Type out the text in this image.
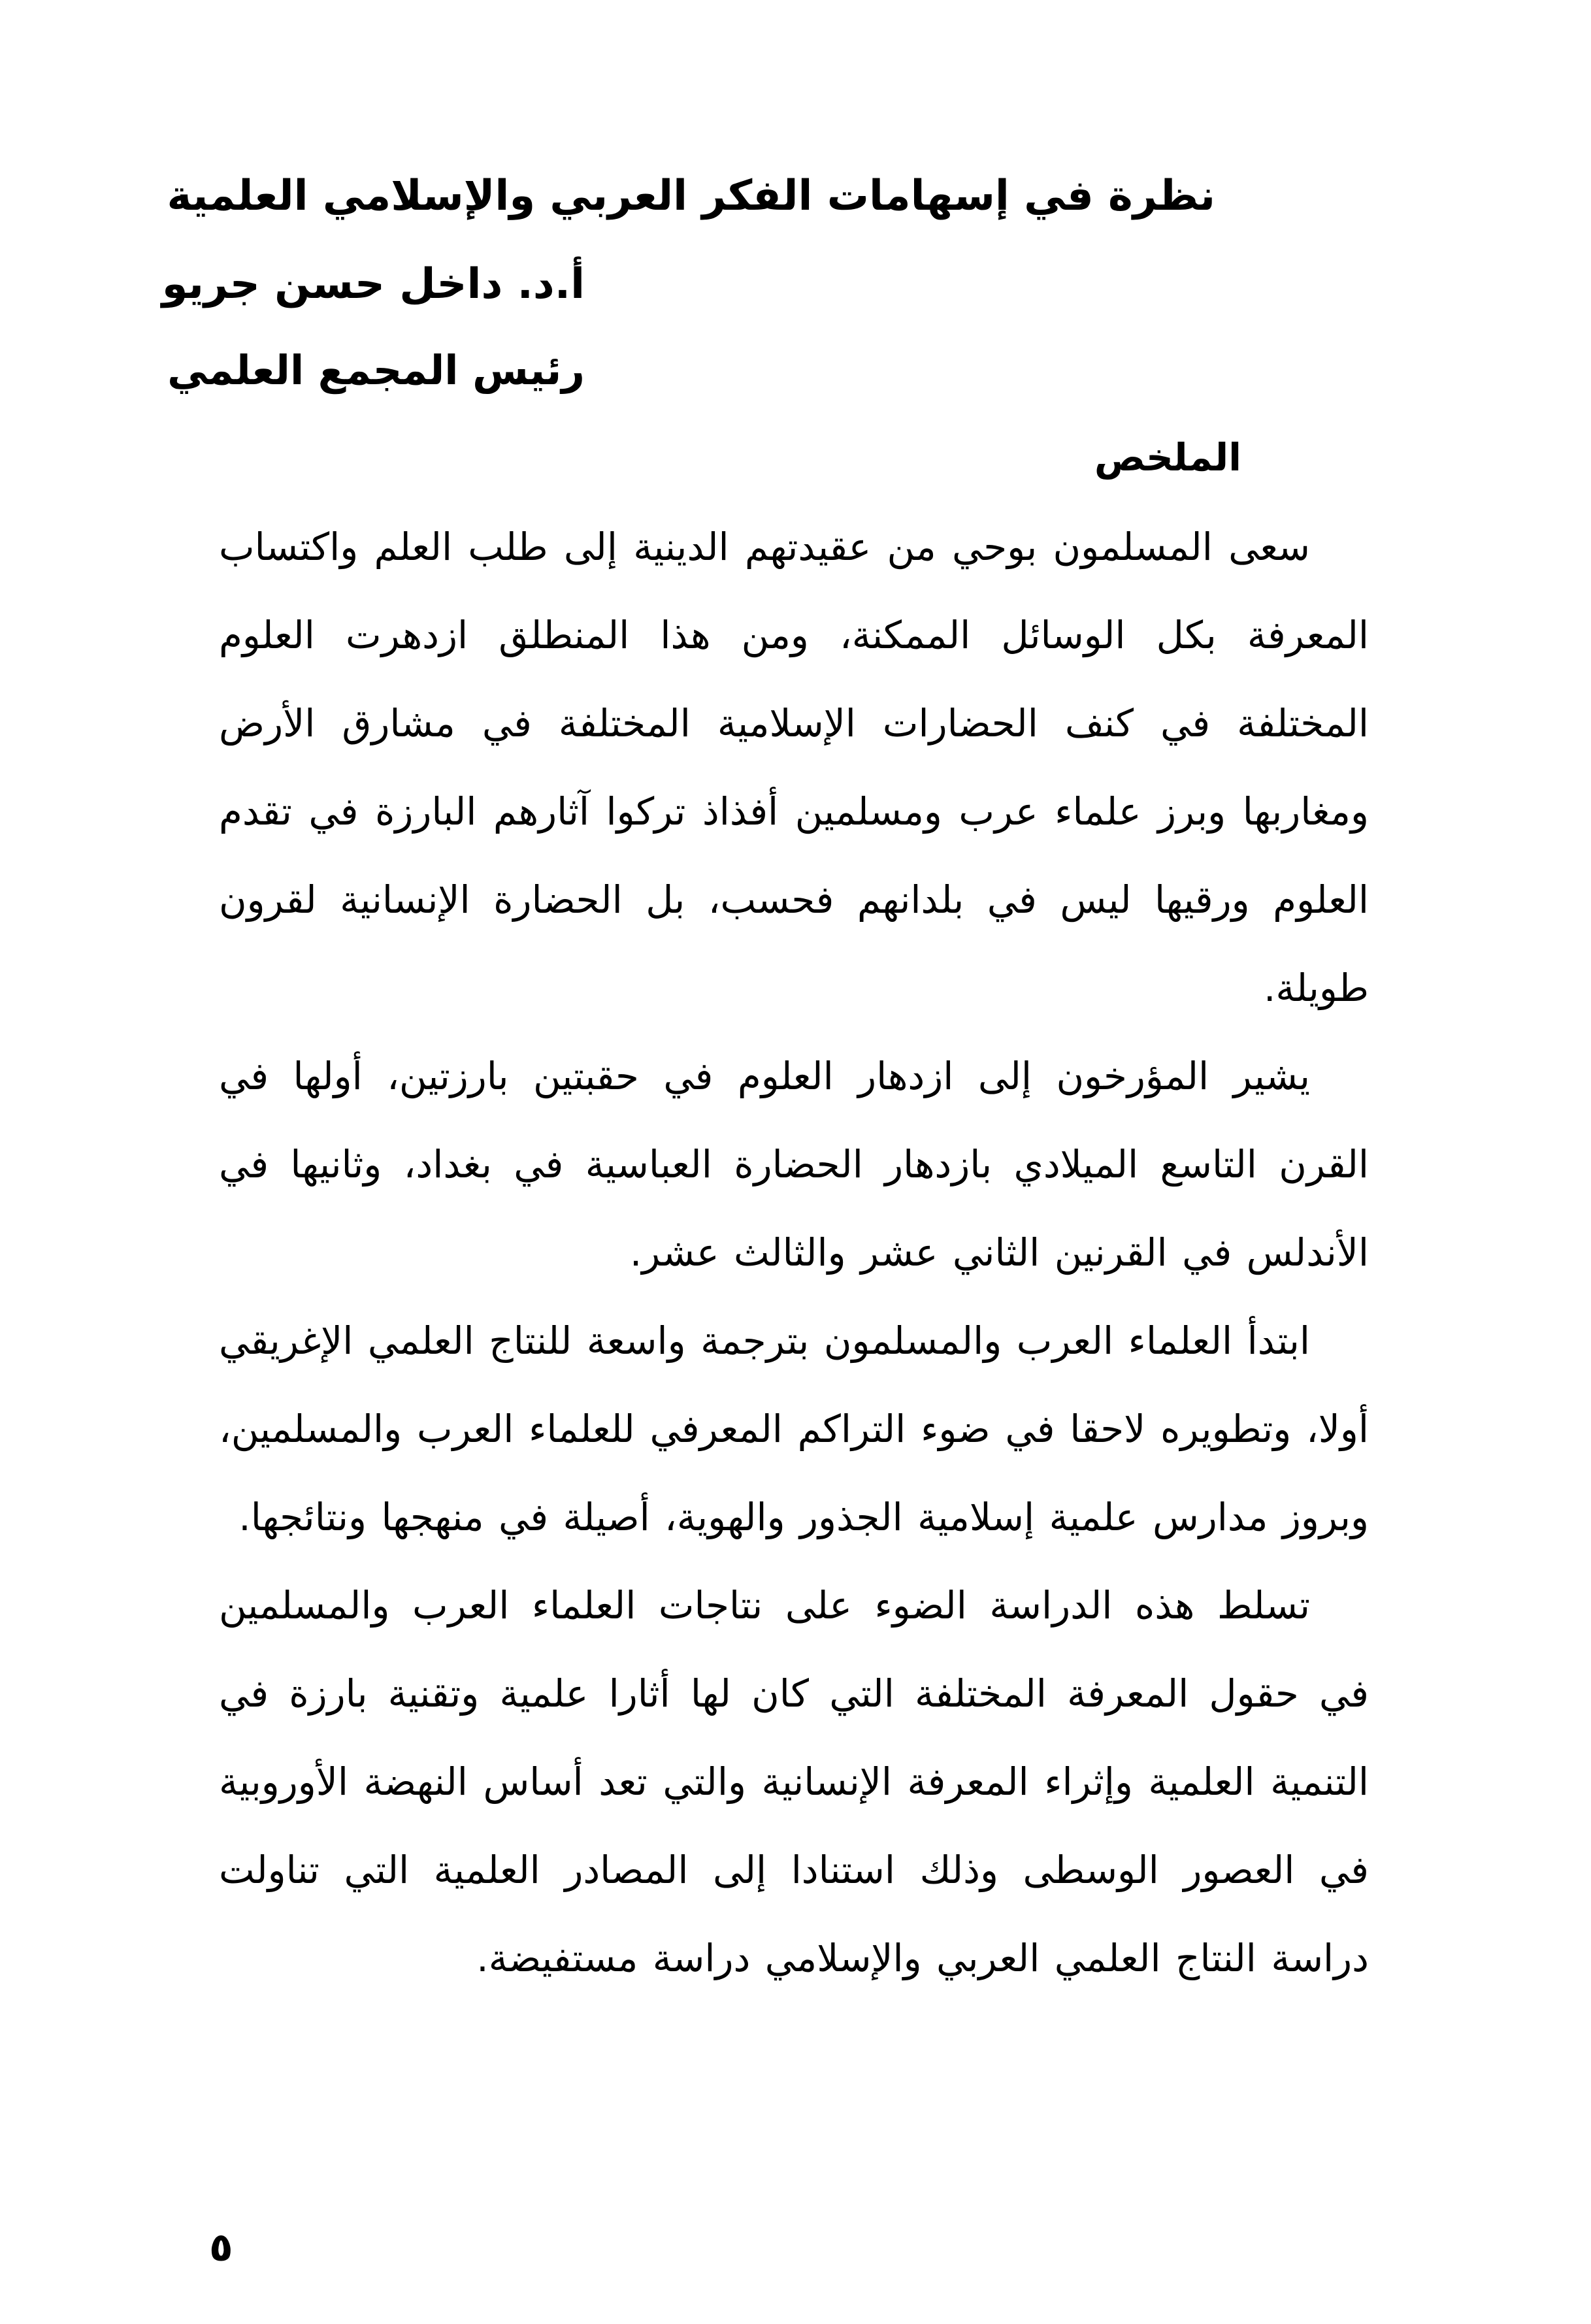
نظرة في إسهامات الفكر العربي والإسلامي العلمية
أ.د. داخل حسن جريو
رئيس المجمع العلمي
الملخص

سعى المسلمون بوحي من عقيدتهم الدينية إلى طلب العلم واكتساب المعرفة بكل الوسائل الممكنة، ومن هذا المنطلق ازدهرت العلوم المختلفة في كنف الحضارات الإسلامية المختلفة في مشارق الأرض ومغاربها وبرز علماء عرب ومسلمين أفذاذ تركوا آثارهم البارزة في تقدم العلوم ورقيها ليس في بلدانهم فحسب، بل الحضارة الإنسانية لقرون طويلة.

يشير المؤرخون إلى ازدهار العلوم في حقبتين بارزتين، أولها في القرن التاسع الميلادي بازدهار الحضارة العباسية في بغداد، وثانيها في الأندلس في القرنين الثاني عشر والثالث عشر.

ابتدأ العلماء العرب والمسلمون بترجمة واسعة للنتاج العلمي الإغريقي أولا، وتطويره لاحقا في ضوء التراكم المعرفي للعلماء العرب والمسلمين، وبروز مدارس علمية إسلامية الجذور والهوية، أصيلة في منهجها ونتائجها.

تسلط هذه الدراسة الضوء على نتاجات العلماء العرب والمسلمين في حقول المعرفة المختلفة التي كان لها أثارا علمية وتقنية بارزة في التنمية العلمية وإثراء المعرفة الإنسانية والتي تعد أساس النهضة الأوروبية في العصور الوسطى وذلك استنادا إلى المصادر العلمية التي تناولت دراسة النتاج العلمي العربي والإسلامي دراسة مستفيضة.

٥
